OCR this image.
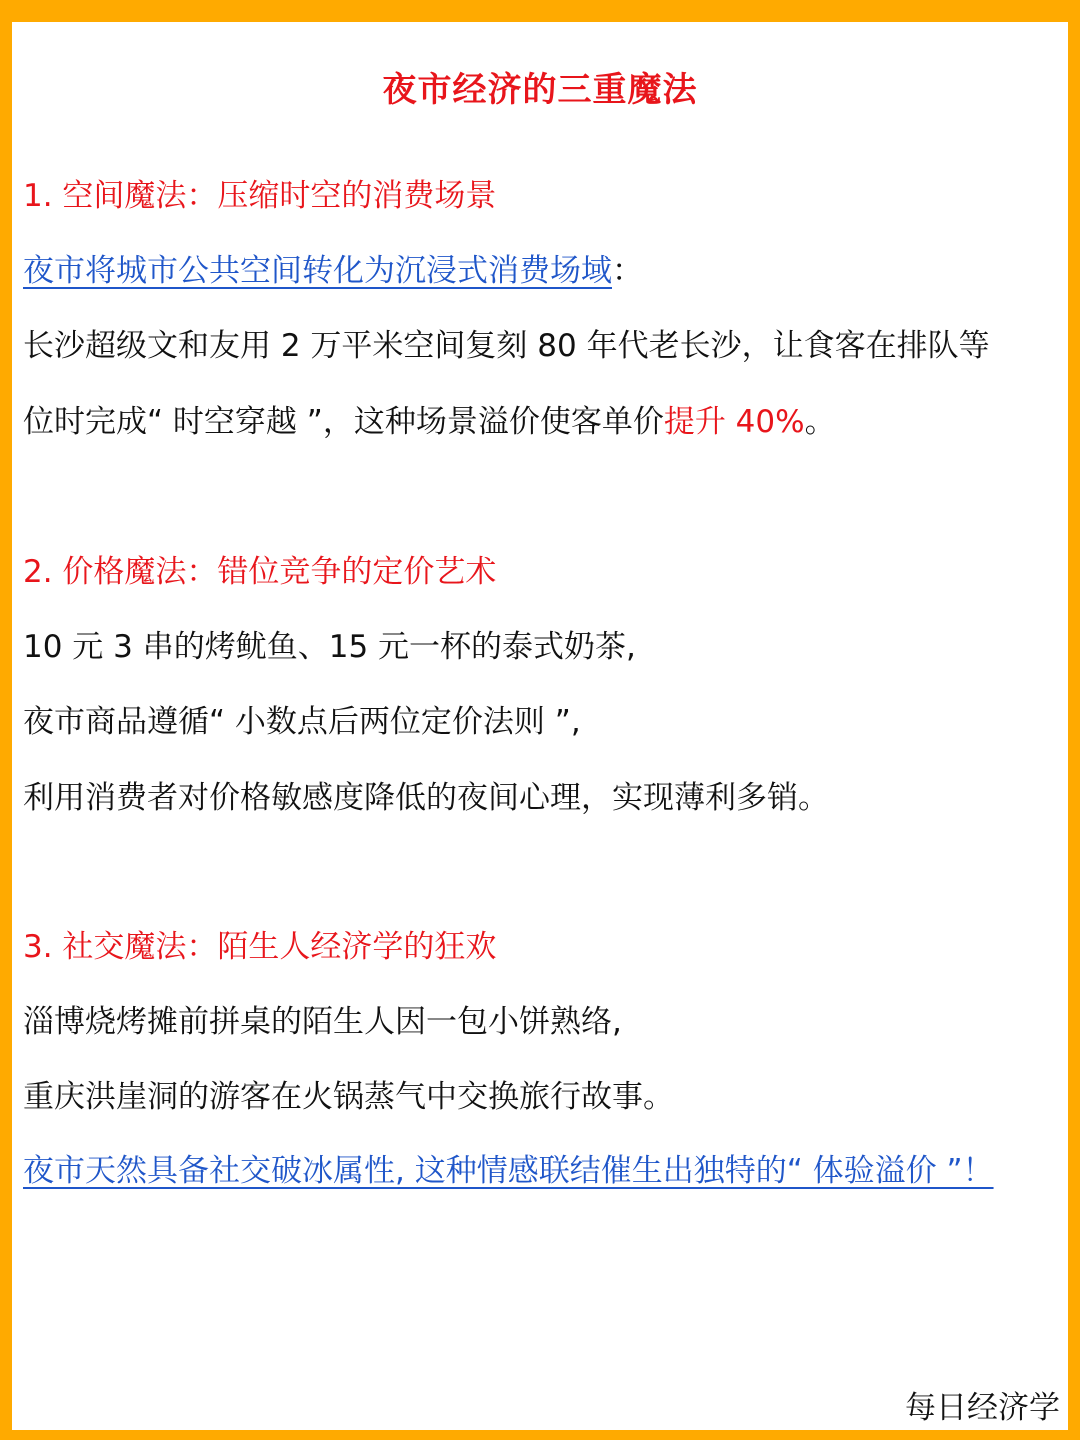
夜市经济的三重魔法
1. 空间魔法：压缩时空的消费场景
夜市将城市公共空间转化为沉浸式消费场域：
长沙超级文和友用 2 万平米空间复刻 80 年代老长沙，让食客在排队等
位时完成“ 时空穿越 ”，这种场景溢价使客单价提升 40%。
2. 价格魔法：错位竞争的定价艺术
10 元 3 串的烤鱿鱼、15 元一杯的泰式奶茶,
夜市商品遵循“ 小数点后两位定价法则 ”,
利用消费者对价格敏感度降低的夜间心理，实现薄利多销。
3. 社交魔法：陌生人经济学的狂欢
淄博烧烤摊前拼桌的陌生人因一包小饼熟络,
重庆洪崖洞的游客在火锅蒸气中交换旅行故事。
夜市天然具备社交破冰属性, 这种情感联结催生出独特的“ 体验溢价 ”！
每日经济学
